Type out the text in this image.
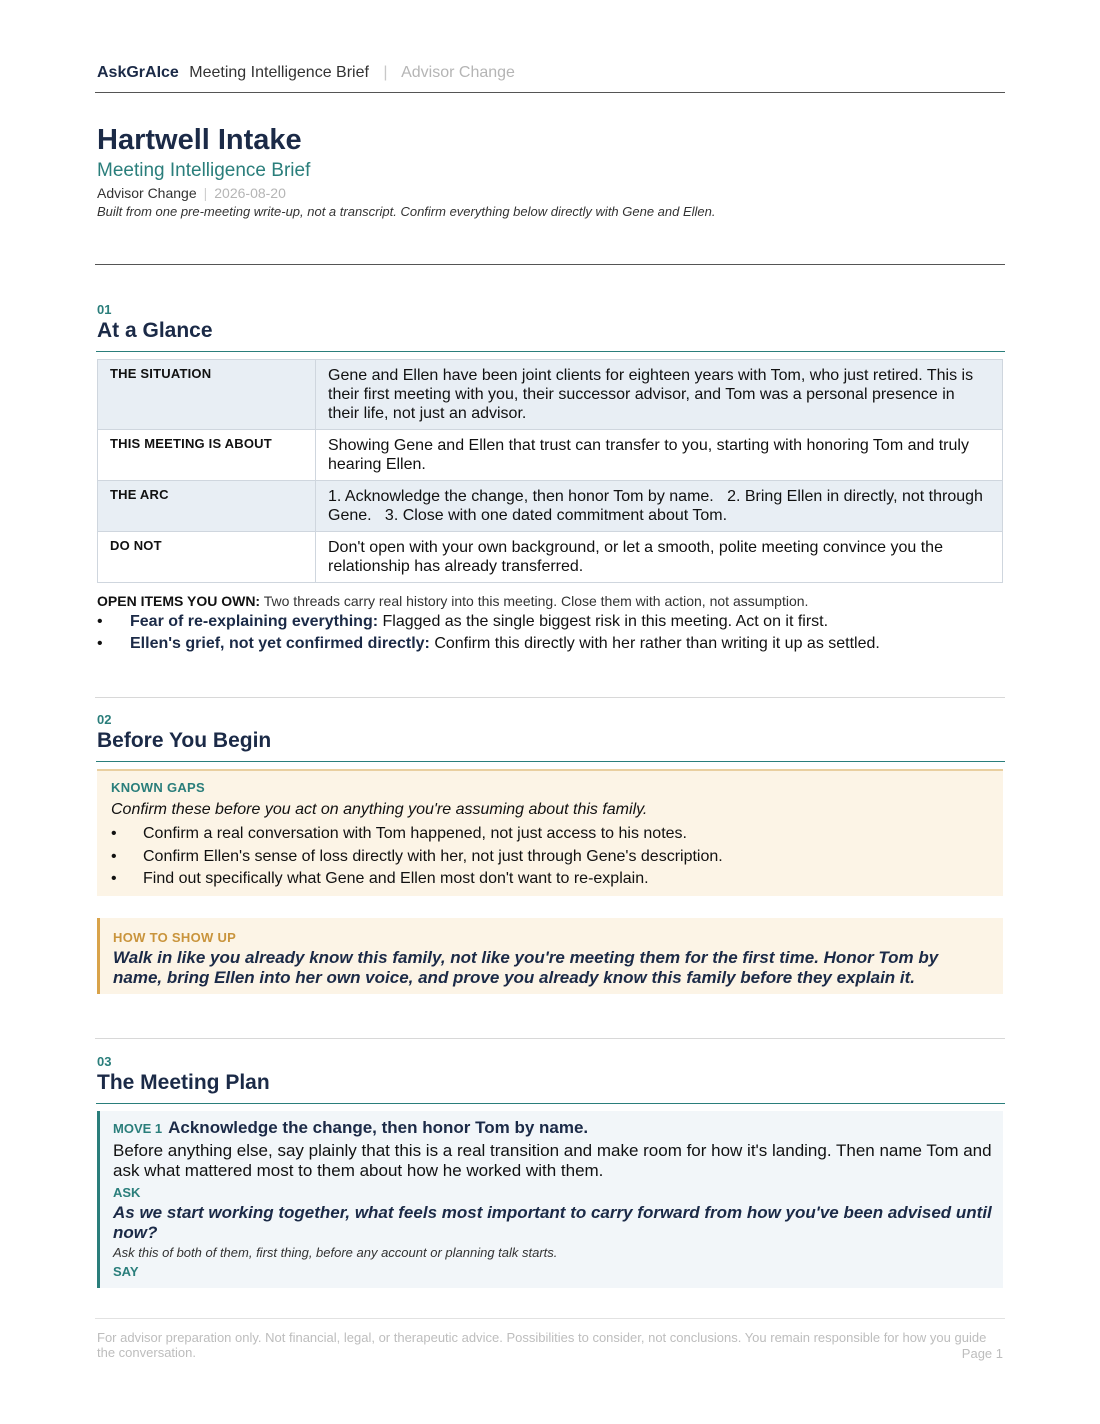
AskGrAIce Meeting Intelligence Brief | Advisor Change
Hartwell Intake
Meeting Intelligence Brief
Advisor Change | 2026-08-20
Built from one pre-meeting write-up, not a transcript. Confirm everything below directly with Gene and Ellen.
01
At a Glance
THE SITUATION	Gene and Ellen have been joint clients for eighteen years with Tom, who just retired. This is their first meeting with you, their successor advisor, and Tom was a personal presence in their life, not just an advisor.
THIS MEETING IS ABOUT	Showing Gene and Ellen that trust can transfer to you, starting with honoring Tom and truly hearing Ellen.
THE ARC	1. Acknowledge the change, then honor Tom by name.   2. Bring Ellen in directly, not through Gene.   3. Close with one dated commitment about Tom.
DO NOT	Don't open with your own background, or let a smooth, polite meeting convince you the relationship has already transferred.
OPEN ITEMS YOU OWN: Two threads carry real history into this meeting. Close them with action, not assumption.
• Fear of re-explaining everything: Flagged as the single biggest risk in this meeting. Act on it first.
• Ellen's grief, not yet confirmed directly: Confirm this directly with her rather than writing it up as settled.
02
Before You Begin
KNOWN GAPS
Confirm these before you act on anything you're assuming about this family.
• Confirm a real conversation with Tom happened, not just access to his notes.
• Confirm Ellen's sense of loss directly with her, not just through Gene's description.
• Find out specifically what Gene and Ellen most don't want to re-explain.
HOW TO SHOW UP
Walk in like you already know this family, not like you're meeting them for the first time. Honor Tom by name, bring Ellen into her own voice, and prove you already know this family before they explain it.
03
The Meeting Plan
MOVE 1 Acknowledge the change, then honor Tom by name.
Before anything else, say plainly that this is a real transition and make room for how it's landing. Then name Tom and ask what mattered most to them about how he worked with them.
ASK
As we start working together, what feels most important to carry forward from how you've been advised until now?
Ask this of both of them, first thing, before any account or planning talk starts.
SAY
For advisor preparation only. Not financial, legal, or therapeutic advice. Possibilities to consider, not conclusions. You remain responsible for how you guide the conversation.	Page 1
